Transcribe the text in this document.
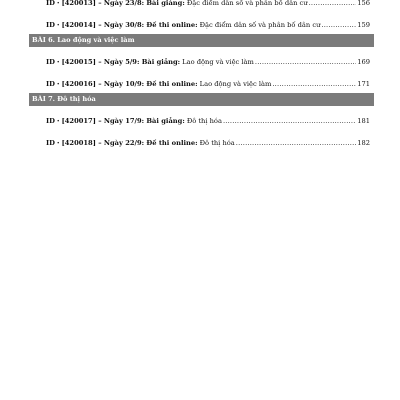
ID・[420013] – Ngày 23/8: Bài giảng: Đặc điểm dân số và phân bố dân cư .....	156
ID・[420014] – Ngày 30/8: Đề thi online: Đặc điểm dân số và phân bố dân cư .....	159
BÀI 6. Lao động và việc làm
ID・[420015] – Ngày 5/9: Bài giảng: Lao động và việc làm .....	169
ID・[420016] – Ngày 10/9: Đề thi online: Lao động và việc làm .....	171
BÀI 7. Đô thị hóa
ID・[420017] – Ngày 17/9: Bài giảng: Đô thị hóa .....	181
ID・[420018] – Ngày 22/9: Đề thi online: Đô thị hóa .....	182
